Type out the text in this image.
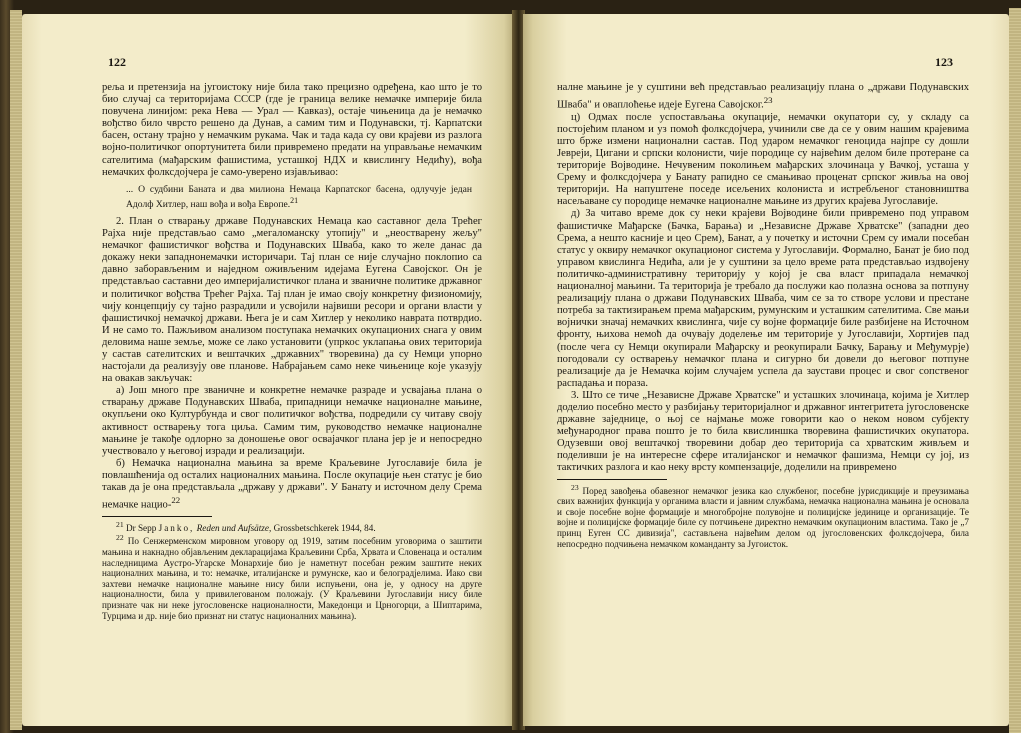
122

реља и претензија на југоистоку није била тако прецизно одређена, као што је то био случај са територијама СССР (где је граница велике немачке империје била повучена линијом: река Нева — Урал — Кавказ), остаје чињеница да је немачко вођство било чврсто решено да Дунав, а самим тим и Подунавски, тј. Карпатски басен, остану трајно у немачким рукама. Чак и тада када су ови крајеви из разлога војно-политичког опортунитета били привремено предати на управљање немачким сателитима (мађарским фашистима, усташкој НДХ и квислингу Недићу), вођа немачких фолксдојчера је само-уверено изјављивао:

... О судбини Баната и два милиона Немаца Карпатског басена, одлучује један Адолф Хитлер, наш вођа и вођа Европе.$^{21}$

2. План о стварању државе Подунавских Немаца као саставног дела Трећег Рајха није представљао само „мегаломанску утопију" и „неостварену жељу" немачког фашистичког вођства и Подунавских Шваба, како то желе данас да докажу неки западнонемачки историчари. Тај план се није случајно поклопио са давно заборављеним и наједном оживљеним идејама Еугена Савојског. Он је представљао саставни део империјалистичког плана и званичне политике државног и политичког вођства Трећег Рајха. Тај план је имао своју конкретну физиономију, чију концепцију су тајно разрадили и усвојили највиши ресори и органи власти у фашистичкој немачкој држави. Њега је и сам Хитлер у неколико наврата потврдио. И не само то. Пажљивом анализом поступака немачких окупационих снага у овим деловима наше земље, може се лако установити (упркос уклапања ових територија у састав сателитских и вештачких „државних" творевина) да су Немци упорно настојали да реализују ове планове. Набрајањем само неке чињенице које указују на овакав закључак:

а) Још много пре званичне и конкретне немачке разраде и усвајања плана о стварању државе Подунавских Шваба, припадници немачке националне мањине, окупљени око Културбунда и свог политичког вођства, подредили су читаву своју активност остварењу тога циља. Самим тим, руководство немачке националне мањине је такође одлорно за доношење овог освајачког плана јер је и непосредно учествовало у његовој изради и реализацији.

б) Немачка национална мањина за време Краљевине Југославије била је повлашћенија од осталих националних мањина. После окупације њен статус је био такав да је она представљала „државу у држави". У Банату и источном делу Срема немачке нацио-$^{22}$

$^{21}$ Dr Sepp Janko, Reden und Aufsätze, Grossbetschkerek 1944, 84.

$^{22}$ По Сенжерменском мировном уговору од 1919, затим посебним уговорима о заштити мањина и накнадно објављеним декларацијама Краљевини Срба, Хрвата и Словенаца и осталим наследницима Аустро-Угарске Монархије био је наметнут посебан режим заштите неких националних мањина, и то: немачке, италијанске и румунске, као и белоградјелима. Иако сви захтеви немачке националне мањине нису били испуњени, она је, у односу на друге националности, била у привилегованом положају. (У Краљевини Југославији нису биле признате чак ни неке југословенске националности, Македонци и Црногорци, а Шиптарима, Турцима и др. није био признат ни статус националних мањина).

123

налне мањине је у суштини већ представљао реализацију плана о „држави Подунавских Шваба" и оваплоћење идеје Еугена Савојског.$^{23}$

ц) Одмах после успостављања окупације, немачки окупатори су, у складу са постојећим планом и уз помоћ фолксдојчера, учинили све да се у овим нашим крајевима што брже измени национални састав. Под ударом немачког геноцида најпре су дошли Јевреји, Цигани и српски колонисти, чије породице су највећим делом биле протеране са територије Војводине. Нечувеним поколињем мађарских злочинаца у Вачкој, усташа у Срему и фолксдојчера у Банату рапидно се смањивао проценат српског живља на овој територији. На напуштене поседе исељених колониста и истребљеног становништва насељаване су породице немачке националне мањине из других крајева Југославије.

д) За читаво време док су неки крајеви Војводине били привремено под управом фашистичке Мађарске (Бачка, Барања) и „Независне Државе Хрватске" (западни део Срема, а нешто касније и цео Срем), Банат, а у почетку и источни Срем су имали посебан статус у оквиру немачког окупационог система у Југославији. Формално, Банат је био под управом квислинга Недића, али је у суштини за цело време рата представљао издвојену политичко-административну територију у којој је сва власт припадала немачкој националној мањини. Та територија је требало да послужи као полазна основа за потпуну реализацију плана о држави Подунавских Шваба, чим се за то створе услови и престане потреба за тактизирањем према мађарским, румунским и усташким сателитима. Све мањи војнички значај немачких квислинга, чије су војне формације биле разбијене на Источном фронту, њихова немоћ да очувају доделење им територије у Југославији, Хортијев пад (после чега су Немци окупирали Мађарску и реокупирали Бачку, Барању и Међумурје) погодовали су остварењу немачког плана и сигурно би довели до његовог потпуне реализације да је Немачка којим случајем успела да заустави процес и свог сопственог распадања и пораза.

3. Што се тиче „Независне Државе Хрватске" и усташких злочинаца, којима је Хитлер доделио посебно место у разбијању територијалног и државног интегритета југословенске државне заједнице, о њој се најмање може говорити као о неком новом субјекту међународног права пошто је то била квислиншка творевина фашистичких окупатора. Одузевши овој вештачкој творевини добар део територија са хрватским живљем и поделивши је на интересне сфере италијанског и немачког фашизма, Немци су јој, из тактичких разлога и као неку врсту компензације, доделили на привремено

$^{23}$ Поред завођења обавезног немачког језика као службеног, посебне јурисдикције и преузимања свих важнијих функција у органима власти и јавним службама, немачка национална мањина је основала и своје посебне војне формације и многобројне полувојне и полицијске јединице и организације. Те војне и полицијске формације биле су потчињене директно немачким окупационим властима. Тако је „7 принц Еуген СС дивизија", састављена највећим делом од југословенских фолксдојчера, била непосредно подчињена немачком команданту за Југоисток.
